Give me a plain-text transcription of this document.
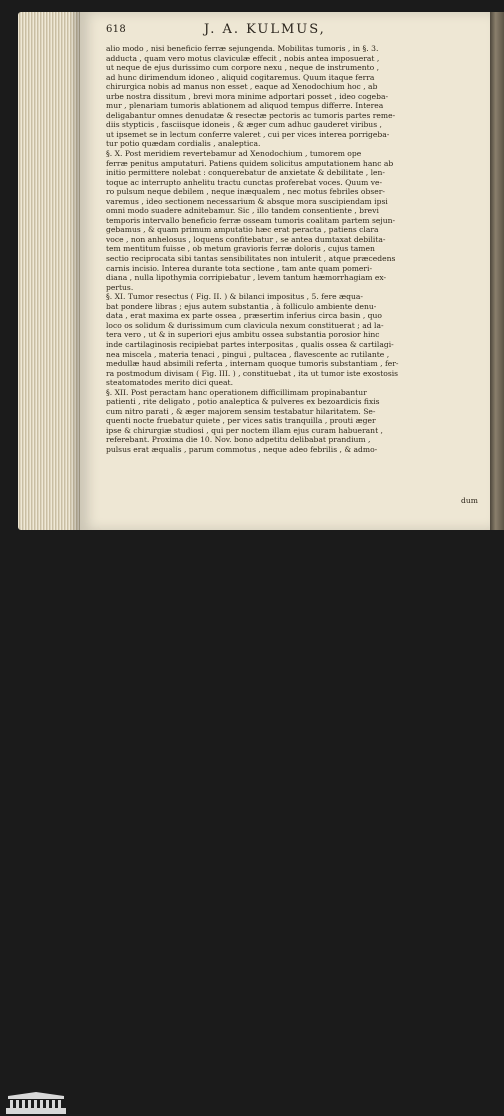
618	J. A. KULMUS,
alio modo , nisi beneficio ferræ sejungenda. Mobilitas tumoris , in §. 3.
adducta , quam vero motus claviculæ effecit , nobis antea imposuerat ,
ut neque de ejus durissimo cum corpore nexu , neque de instrumento ,
ad hunc dirimendum idoneo , aliquid cogitaremus. Quum itaque ferra
chirurgica nobis ad manus non esset , eaque ad Xenodochium hoc , ab
urbe nostra dissitum , brevi mora minime adportari posset , ideo cogeba-
mur , plenariam tumoris ablationem ad aliquod tempus differre. Interea
deligabantur omnes denudatæ & resectæ pectoris ac tumoris partes reme-
diis stypticis , fasciisque idoneis , & æger cum adhuc gauderet viribus ,
ut ipsemet se in lectum conferre valeret , cui per vices interea porrigeba-
tur potio quædam cordialis , analeptica.
§. X. Post meridiem revertebamur ad Xenodochium , tumorem ope
ferræ penitus amputaturi. Patiens quidem solicitus amputationem hanc ab
initio permittere nolebat : conquerebatur de anxietate & debilitate , len-
toque ac interrupto anhelitu tractu cunctas proferebat voces. Quum ve-
ro pulsum neque debilem , neque inæqualem , nec motus febriles obser-
varemus , ideo sectionem necessarium & absque mora suscipiendam ipsi
omni modo suadere adnitebamur. Sic , illo tandem consentiente , brevi
temporis intervallo beneficio ferræ osseam tumoris coalitam partem sejun-
gebamus , & quam primum amputatio hæc erat peracta , patiens clara
voce , non anhelosus , loquens confitebatur , se antea dumtaxat debilita-
tem mentitum fuisse , ob metum gravioris ferræ doloris , cujus tamen
sectio reciprocata sibi tantas sensibilitates non intulerit , atque præcedens
carnis incisio. Interea durante tota sectione , tam ante quam pomeri-
diana , nulla lipothymia corripiebatur , levem tantum hæmorrhagiam ex-
pertus.
§. XI. Tumor resectus ( Fig. II. ) & bilanci impositus , 5. fere æqua-
bat pondere libras ; ejus autem substantia , à folliculo ambiente denu-
data , erat maxima ex parte ossea , præsertim inferius circa basin , quo
loco os solidum & durissimum cum clavicula nexum constituerat ; ad la-
tera vero , ut & in superiori ejus ambitu ossea substantia porosior hinc
inde cartilaginosis recipiebat partes interpositas , qualis ossea & cartilagi-
nea miscela , materia tenaci , pingui , pultacea , flavescente ac rutilante ,
medullæ haud absimili referta , internam quoque tumoris substantiam , fer-
ra postmodum divisam ( Fig. III. ) , constituebat , ita ut tumor iste exostosis
steatomatodes merito dici queat.
§. XII. Post peractam hanc operationem difficillimam propinabantur
patienti , rite deligato , potio analeptica & pulveres ex bezoardicis fixis
cum nitro parati , & æger majorem sensim testabatur hilaritatem. Se-
quenti nocte fruebatur quiete , per vices satis tranquilla , prouti æger
ipse & chirurgiæ studiosi , qui per noctem illam ejus curam habuerant ,
referebant. Proxima die 10. Nov. bono adpetitu delibabat prandium ,
pulsus erat æqualis , parum commotus , neque adeo febrilis , & admo-
dum
